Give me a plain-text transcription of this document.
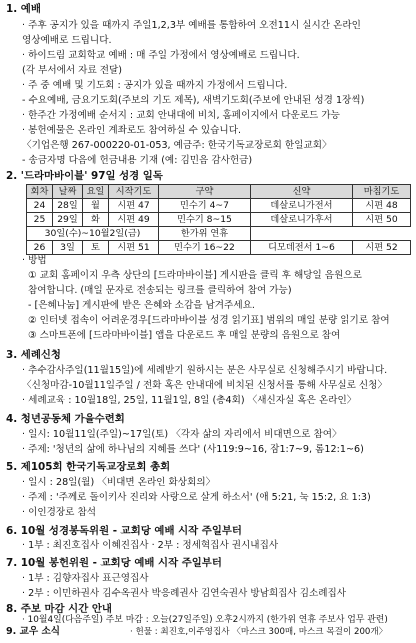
1. 예배
· 주후 공지가 있을 때까지 주일1,2,3부 예배를 통합하여 오전11시 실시간 온라인
영상예배로 드립니다.
· 하이드림 교회학교 예배 : 매 주일 가정에서 영상예배로 드립니다.
(각 부서에서 자료 전달)
· 주 중 예배 및 기도회 : 공지가 있을 때까지 가정에서 드립니다.
- 수요예배, 금요기도회(주보의 기도 제목), 새벽기도회(주보에 안내된 성경 1장씩)
· 한주간 가정예배 순서지 : 교회 안내대에 비치, 홈페이지에서 다운로드 가능
· 봉헌예물은 온라인 계좌로도 참여하실 수 있습니다.
〈기업은행 267-000220-01-053, 예금주: 한국기독교장로회 한일교회〉
- 송금자명 다음에 헌금내용 기재 (예: 김민음 감사헌금)
2. '드라마바이블' 97일 성경 일독
회차	날짜	요일	시작기도	구약	신약	마침기도
24	28일	월	시편 47	민수기 4~7	데살로니가전서	시편 48
25	29일	화	시편 49	민수기 8~15	데살로니가후서	시편 50
30일(수)~10월2일(금)				한가위 연휴		
26	3일	토	시편 51	민수기 16~22	디모데전서 1~6	시편 52
· 방법
① 교회 홈페이지 우측 상단의 [드라마바이블] 게시판을 클릭 후 해당일 음원으로
참여합니다. (매일 문자로 전송되는 링크를 클릭하여 참여 가능)
- [은혜나눔] 게시판에 받은 은혜와 소감을 남겨주세요.
② 인터넷 접속이 어려운경우[드라마바이블 성경 읽기표] 범위의 매일 분량 읽기로 참여
③ 스마트폰에 [드라마바이블] 앱을 다운로드 후 매일 분량의 음원으로 참여
3. 세례신청
· 추수감사주일(11월15일)에 세례받기 원하시는 분은 사무실로 신청해주시기 바랍니다.
〈신청마감-10월11일주일 / 전화 혹은 안내대에 비치된 신청서를 통해 사무실로 신청〉
· 세례교육 : 10월18일, 25일, 11월1일, 8일 (총4회) 〈새신자실 혹은 온라인〉
4. 청년공동체 가을수련회
· 일시: 10월11일(주일)~17일(토) 〈각자 삶의 자리에서 비대면으로 참여〉
· 주제: '청년의 삶에 하나님의 지혜를 쓰다' (사119:9~16, 잠1:7~9, 롬12:1~6)
5. 제105회 한국기독교장로회 총회
· 일시 : 28일(월) 〈비대면 온라인 화상회의〉
· 주제 : '주께로 돌이키사 진리와 사랑으로 살게 하소서' (애 5:21, 눅 15:2, 요 1:3)
· 이인경장로 참석
6. 10월 성경봉독위원 - 교회당 예배 시작 주일부터
· 1부 : 최진호집사 이혜진집사 · 2부 : 정세혁집사 권시내집사
7. 10월 봉헌위원 - 교회당 예배 시작 주일부터
· 1부 : 김향자집사 표근영집사
· 2부 : 이민하권사 김수옥권사 박응례권사 김연숙권사 방남희집사 김소례집사
8. 주보 마감 시간 안내
· 10월4일(다음주일) 주보 마감 : 오늘(27일주일) 오후2시까지 (한가위 연휴 주보사 업무 관련)
9. 교우 소식	· 헌물 : 최진호,이주영집사 〈마스크 300매, 마스크 목걸이 200개〉
